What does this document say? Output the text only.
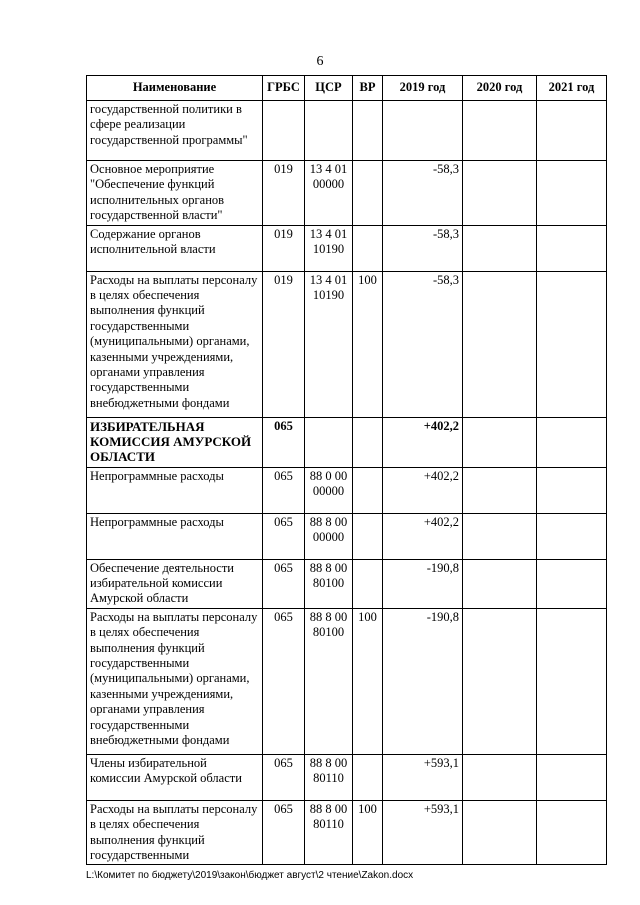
6
Наименование	ГРБС	ЦСР	ВР	2019 год	2020 год	2021 год
государственной политики в сфере реализации государственной программы"						
Основное мероприятие "Обеспечение функций исполнительных органов государственной власти"	019	13 4 01 00000		-58,3		
Содержание органов исполнительной власти	019	13 4 01 10190		-58,3		
Расходы на выплаты персоналу в целях обеспечения выполнения функций государственными (муниципальными) органами, казенными учреждениями, органами управления государственными внебюджетными фондами	019	13 4 01 10190	100	-58,3		
ИЗБИРАТЕЛЬНАЯ КОМИССИЯ АМУРСКОЙ ОБЛАСТИ	065			+402,2		
Непрограммные расходы	065	88 0 00 00000		+402,2		
Непрограммные расходы	065	88 8 00 00000		+402,2		
Обеспечение деятельности избирательной комиссии Амурской области	065	88 8 00 80100		-190,8		
Расходы на выплаты персоналу в целях обеспечения выполнения функций государственными (муниципальными) органами, казенными учреждениями, органами управления государственными внебюджетными фондами	065	88 8 00 80100	100	-190,8		
Члены избирательной комиссии Амурской области	065	88 8 00 80110		+593,1		
Расходы на выплаты персоналу в целях обеспечения выполнения функций государственными	065	88 8 00 80110	100	+593,1		
L:\Комитет по бюджету\2019\закон\бюджет август\2 чтение\Zakon.docx
